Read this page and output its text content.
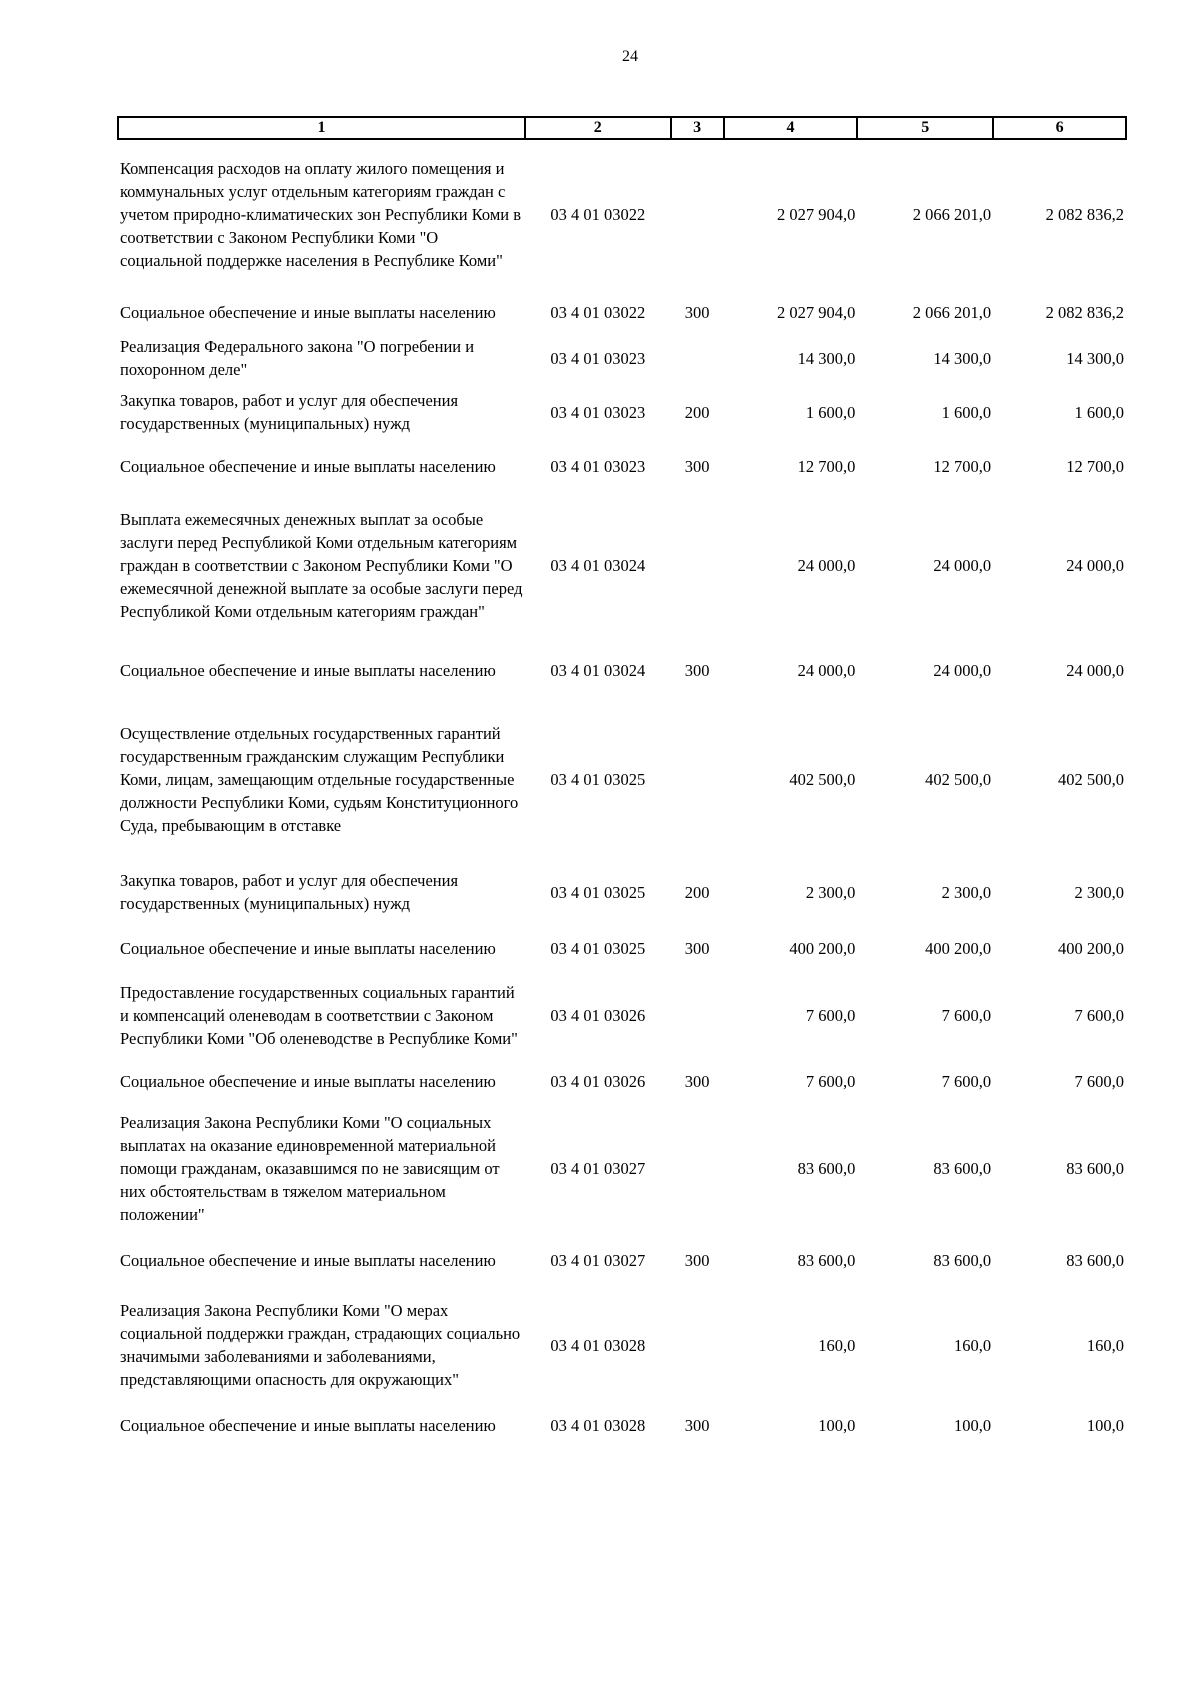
24
1	2	3	4	5	6
Компенсация расходов на оплату жилого помещения и коммунальных услуг отдельным категориям граждан с учетом природно-климатических зон Республики Коми в соответствии с Законом Республики Коми "О социальной поддержке населения в Республике Коми"	03 4 01 03022		2 027 904,0	2 066 201,0	2 082 836,2
Социальное обеспечение и иные выплаты населению	03 4 01 03022	300	2 027 904,0	2 066 201,0	2 082 836,2
Реализация Федерального закона "О погребении и похоронном деле"	03 4 01 03023		14 300,0	14 300,0	14 300,0
Закупка товаров, работ и услуг для обеспечения государственных (муниципальных) нужд	03 4 01 03023	200	1 600,0	1 600,0	1 600,0
Социальное обеспечение и иные выплаты населению	03 4 01 03023	300	12 700,0	12 700,0	12 700,0
Выплата ежемесячных денежных выплат за особые заслуги перед Республикой Коми отдельным категориям граждан в соответствии с Законом Республики Коми "О ежемесячной денежной выплате за особые заслуги перед Республикой Коми отдельным категориям граждан"	03 4 01 03024		24 000,0	24 000,0	24 000,0
Социальное обеспечение и иные выплаты населению	03 4 01 03024	300	24 000,0	24 000,0	24 000,0
Осуществление отдельных государственных гарантий государственным гражданским служащим Республики Коми, лицам, замещающим отдельные государственные должности Республики Коми, судьям Конституционного Суда, пребывающим в отставке	03 4 01 03025		402 500,0	402 500,0	402 500,0
Закупка товаров, работ и услуг для обеспечения государственных (муниципальных) нужд	03 4 01 03025	200	2 300,0	2 300,0	2 300,0
Социальное обеспечение и иные выплаты населению	03 4 01 03025	300	400 200,0	400 200,0	400 200,0
Предоставление государственных социальных гарантий и компенсаций оленеводам в соответствии с Законом Республики Коми "Об оленеводстве в Республике Коми"	03 4 01 03026		7 600,0	7 600,0	7 600,0
Социальное обеспечение и иные выплаты населению	03 4 01 03026	300	7 600,0	7 600,0	7 600,0
Реализация Закона Республики Коми "О социальных выплатах на оказание единовременной материальной помощи гражданам, оказавшимся по не зависящим от них обстоятельствам в тяжелом материальном положении"	03 4 01 03027		83 600,0	83 600,0	83 600,0
Социальное обеспечение и иные выплаты населению	03 4 01 03027	300	83 600,0	83 600,0	83 600,0
Реализация Закона Республики Коми "О мерах социальной поддержки граждан, страдающих социально значимыми заболеваниями и заболеваниями, представляющими опасность для окружающих"	03 4 01 03028		160,0	160,0	160,0
Социальное обеспечение и иные выплаты населению	03 4 01 03028	300	100,0	100,0	100,0
